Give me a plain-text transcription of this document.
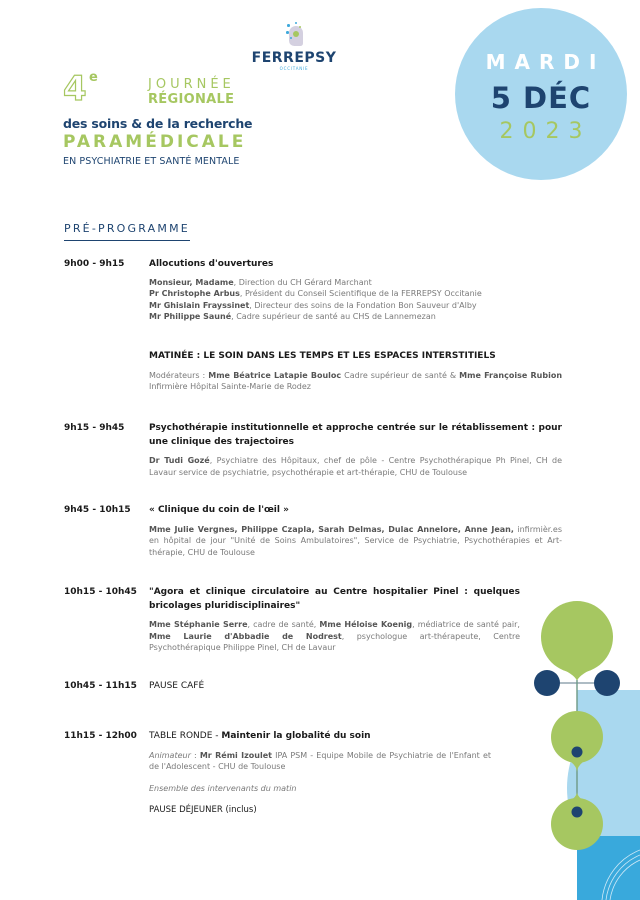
FERREPSY
OCCITANIE
4 e	JOURNÉE
RÉGIONALE
des soins & de la recherche
PARAMÉDICALE
EN PSYCHIATRIE ET SANTÉ MENTALE
MARDI
5 DÉC
2023
PRÉ-PROGRAMME
9h00 - 9h15	Allocutions d'ouvertures
Monsieur, Madame, Direction du CH Gérard Marchant
Pr Christophe Arbus, Président du Conseil Scientifique de la FERREPSY Occitanie
Mr Ghislain Frayssinet, Directeur des soins de la Fondation Bon Sauveur d'Alby
Mr Philippe Sauné, Cadre supérieur de santé au CHS de Lannemezan
MATINÉE : LE SOIN DANS LES TEMPS ET LES ESPACES INTERSTITIELS
Modérateurs : Mme Béatrice Latapie Bouloc Cadre supérieur de santé & Mme Françoise Rubion Infirmière Hôpital Sainte-Marie de Rodez
9h15 - 9h45	Psychothérapie institutionnelle et approche centrée sur le rétablissement : pour une clinique des trajectoires
Dr Tudi Gozé, Psychiatre des Hôpitaux, chef de pôle - Centre Psychothérapique Ph Pinel, CH de Lavaur service de psychiatrie, psychothérapie et art-thérapie, CHU de Toulouse
9h45 - 10h15	« Clinique du coin de l'œil »
Mme Julie Vergnes, Philippe Czapla, Sarah Delmas, Dulac Annelore, Anne Jean, infirmièr.es en hôpital de jour "Unité de Soins Ambulatoires", Service de Psychiatrie, Psychothérapies et Art-thérapie, CHU de Toulouse
10h15 - 10h45	"Agora et clinique circulatoire au Centre hospitalier Pinel : quelques bricolages pluridisciplinaires"
Mme Stéphanie Serre, cadre de santé, Mme Héloise Koenig, médiatrice de santé pair, Mme Laurie d'Abbadie de Nodrest, psychologue art-thérapeute, Centre Psychothérapique Philippe Pinel, CH de Lavaur
10h45 - 11h15	PAUSE CAFÉ
11h15 - 12h00	TABLE RONDE - Maintenir la globalité du soin
Animateur : Mr Rémi Izoulet IPA PSM - Equipe Mobile de Psychiatrie de l'Enfant et de l'Adolescent - CHU de Toulouse
Ensemble des intervenants du matin
PAUSE DÉJEUNER (inclus)
